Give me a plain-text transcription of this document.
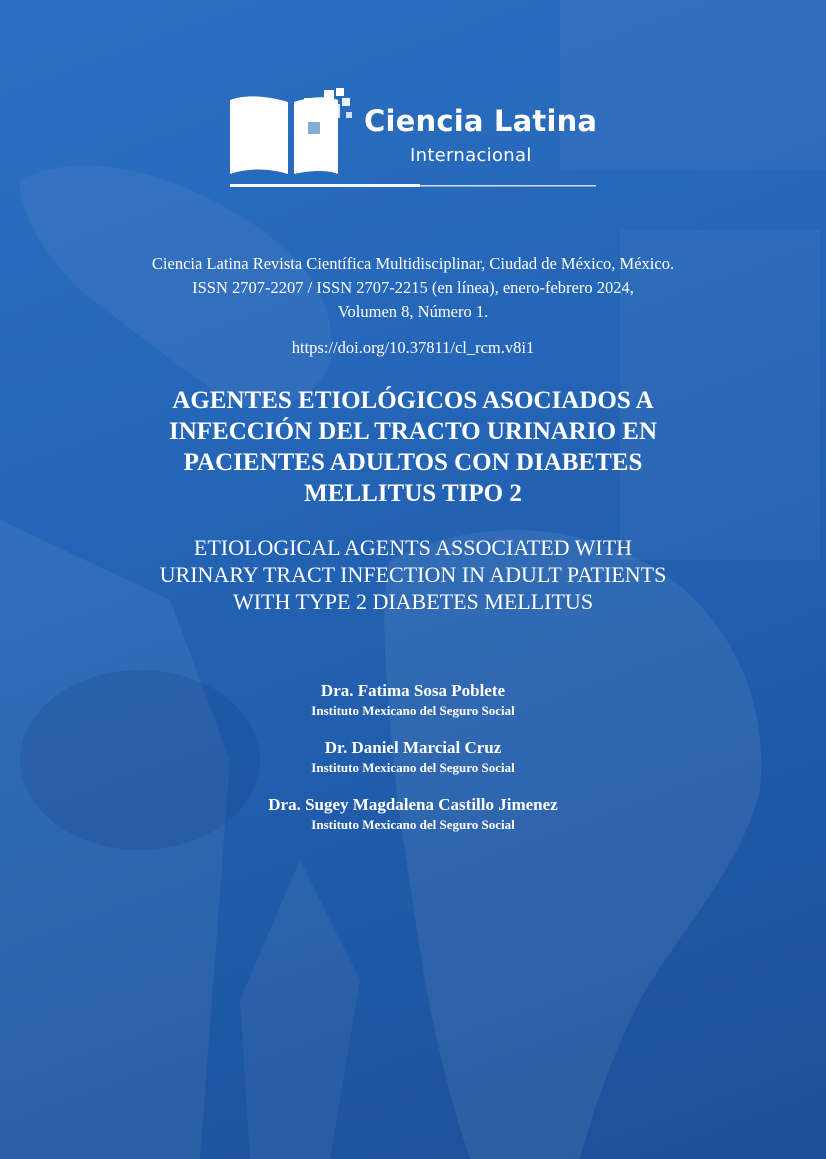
Ciencia Latina
Internacional
Ciencia Latina Revista Científica Multidisciplinar, Ciudad de México, México.
ISSN 2707-2207 / ISSN 2707-2215 (en línea), enero-febrero 2024,
Volumen 8, Número 1.
https://doi.org/10.37811/cl_rcm.v8i1
AGENTES ETIOLÓGICOS ASOCIADOS A
INFECCIÓN DEL TRACTO URINARIO EN
PACIENTES ADULTOS CON DIABETES
MELLITUS TIPO 2
ETIOLOGICAL AGENTS ASSOCIATED WITH
URINARY TRACT INFECTION IN ADULT PATIENTS
WITH TYPE 2 DIABETES MELLITUS
Dra. Fatima Sosa Poblete
Instituto Mexicano del Seguro Social
Dr. Daniel Marcial Cruz
Instituto Mexicano del Seguro Social
Dra. Sugey Magdalena Castillo Jimenez
Instituto Mexicano del Seguro Social
